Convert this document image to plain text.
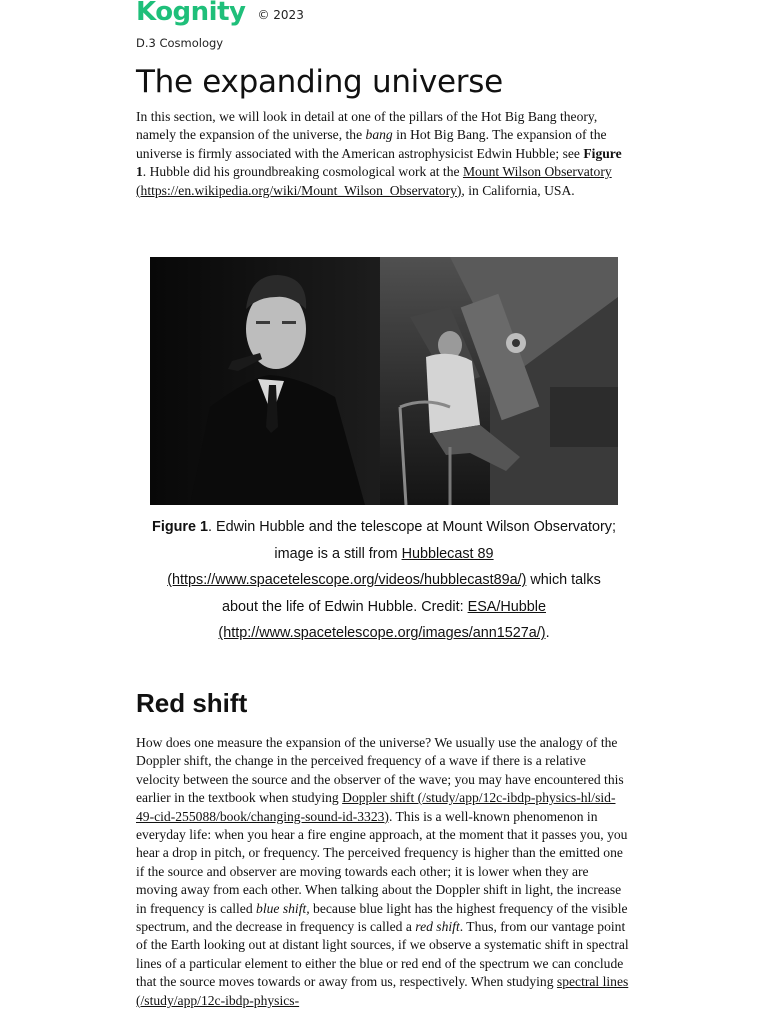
Kognity © 2023
D.3 Cosmology
The expanding universe

In this section, we will look in detail at one of the pillars of the Hot Big Bang theory, namely the expansion of the universe, the bang in Hot Big Bang. The expansion of the universe is firmly associated with the American astrophysicist Edwin Hubble; see Figure 1. Hubble did his groundbreaking cosmological work at the Mount Wilson Observatory (https://en.wikipedia.org/wiki/Mount_Wilson_Observatory), in California, USA.

Figure 1. Edwin Hubble and the telescope at Mount Wilson Observatory; image is a still from Hubblecast 89 (https://www.spacetelescope.org/videos/hubblecast89a/) which talks about the life of Edwin Hubble. Credit: ESA/Hubble (http://www.spacetelescope.org/images/ann1527a/).

Red shift

How does one measure the expansion of the universe? We usually use the analogy of the Doppler shift, the change in the perceived frequency of a wave if there is a relative velocity between the source and the observer of the wave; you may have encountered this earlier in the textbook when studying Doppler shift (/study/app/12c-ibdp-physics-hl/sid-49-cid-255088/book/changing-sound-id-3323). This is a well-known phenomenon in everyday life: when you hear a fire engine approach, at the moment that it passes you, you hear a drop in pitch, or frequency. The perceived frequency is higher than the emitted one if the source and observer are moving towards each other; it is lower when they are moving away from each other. When talking about the Doppler shift in light, the increase in frequency is called blue shift, because blue light has the highest frequency of the visible spectrum, and the decrease in frequency is called a red shift. Thus, from our vantage point of the Earth looking out at distant light sources, if we observe a systematic shift in spectral lines of a particular element to either the blue or red end of the spectrum we can conclude that the source moves towards or away from us, respectively. When studying spectral lines (/study/app/12c-ibdp-physics-
